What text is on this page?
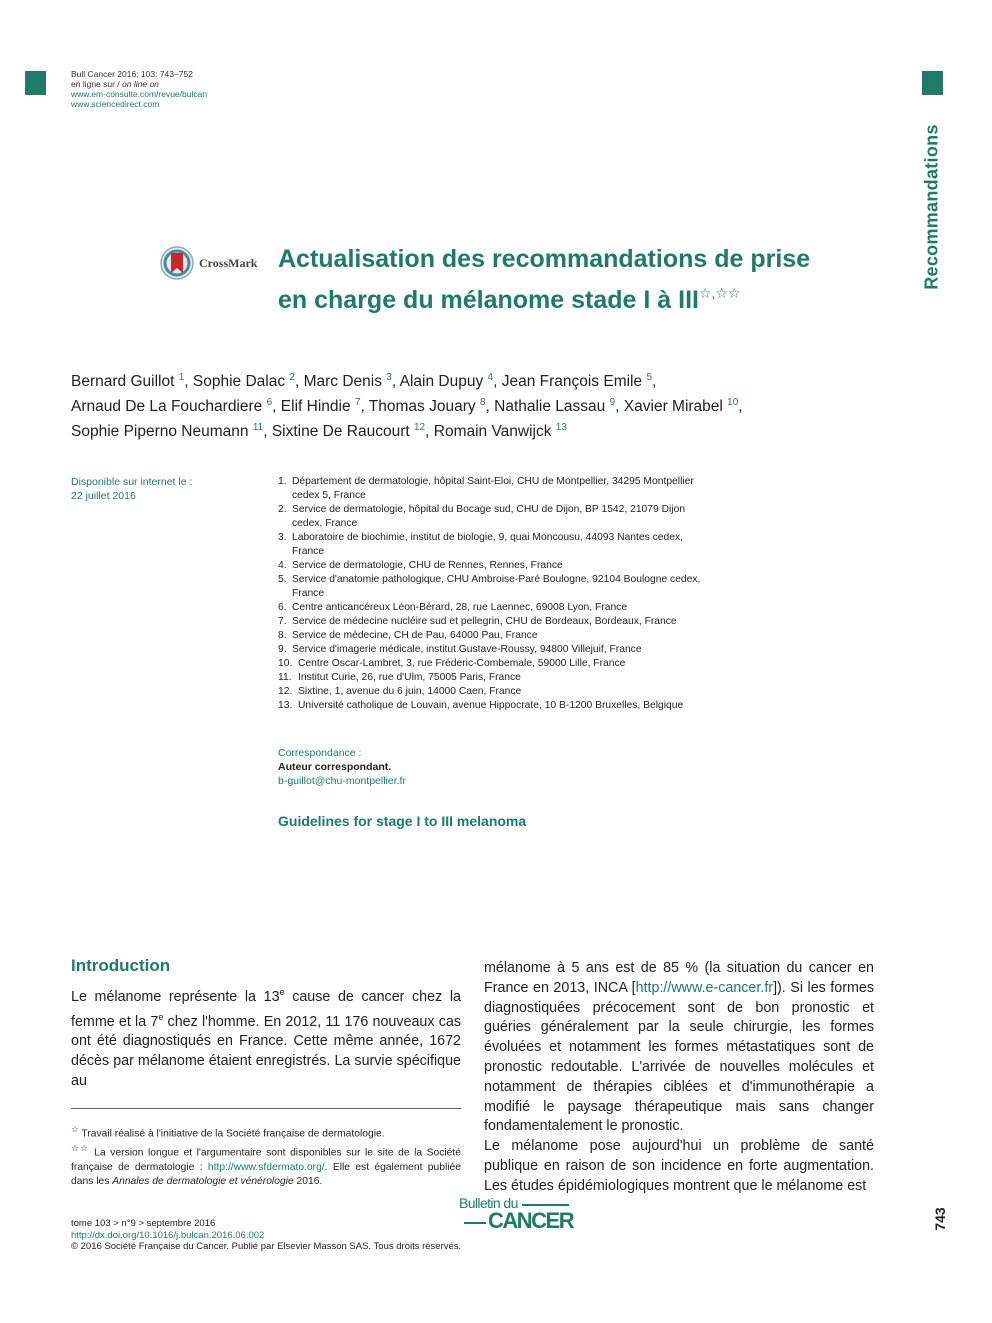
Bull Cancer 2016; 103: 743–752
en ligne sur / on line on
www.em-consulte.com/revue/bulcan
www.sciencedirect.com
Recommandations
CrossMark Actualisation des recommandations de prise
en charge du mélanome stade I à III☆,☆☆
Bernard Guillot $^1$, Sophie Dalac $^2$, Marc Denis $^3$, Alain Dupuy $^4$, Jean François Emile $^5$,
Arnaud De La Fouchardiere $^6$, Elif Hindie $^7$, Thomas Jouary $^8$, Nathalie Lassau $^9$, Xavier Mirabel $^{10}$,
Sophie Piperno Neumann $^{11}$, Sixtine De Raucourt $^{12}$, Romain Vanwijck $^{13}$
Disponible sur internet le :
22 juillet 2016
1. Département de dermatologie, hôpital Saint-Eloi, CHU de Montpellier, 34295 Montpellier cedex 5, France
2. Service de dermatologie, hôpital du Bocage sud, CHU de Dijon, BP 1542, 21079 Dijon cedex, France
3. Laboratoire de biochimie, institut de biologie, 9, quai Moncousu, 44093 Nantes cedex, France
4. Service de dermatologie, CHU de Rennes, Rennes, France
5. Service d'anatomie pathologique, CHU Ambroise-Paré Boulogne, 92104 Boulogne cedex, France
6. Centre anticancéreux Léon-Bérard, 28, rue Laennec, 69008 Lyon, France
7. Service de médecine nucléire sud et pellegrin, CHU de Bordeaux, Bordeaux, France
8. Service de médecine, CH de Pau, 64000 Pau, France
9. Service d'imagerie médicale, institut Gustave-Roussy, 94800 Villejuif, France
10. Centre Oscar-Lambret, 3, rue Fréderic-Combemale, 59000 Lille, France
11. Institut Curie, 26, rue d'Ulm, 75005 Paris, France
12. Sixtine, 1, avenue du 6 juin, 14000 Caen, France
13. Université catholique de Louvain, avenue Hippocrate, 10 B-1200 Bruxelles, Belgique
Correspondance :
Auteur correspondant.
b-guillot@chu-montpellier.fr
Guidelines for stage I to III melanoma
Introduction

Le mélanome représente la 13e cause de cancer chez la femme et la 7e chez l'homme. En 2012, 11 176 nouveaux cas ont été diagnostiqués en France. Cette même année, 1672 décès par mélanome étaient enregistrés. La survie spécifique au

mélanome à 5 ans est de 85 % (la situation du cancer en France en 2013, INCA [http://www.e-cancer.fr]). Si les formes diagnostiquées précocement sont de bon pronostic et guéries généralement par la seule chirurgie, les formes évoluées et notamment les formes métastatiques sont de pronostic redoutable. L'arrivée de nouvelles molécules et notamment de thérapies ciblées et d'immunothérapie a modifié le paysage thérapeutique mais sans changer fondamentalement le pronostic.

Le mélanome pose aujourd'hui un problème de santé publique en raison de son incidence en forte augmentation. Les études épidémiologiques montrent que le mélanome est

☆ Travail réalisé à l'initiative de la Société française de dermatologie.

☆☆ La version longue et l'argumentaire sont disponibles sur le site de la Société française de dermatologie : http://www.sfdermato.org/. Elle est également publiée dans les Annales de dermatologie et vénérologie 2016.

tome 103 > n°9 > septembre 2016
http://dx.doi.org/10.1016/j.bulcan.2016.06.002
© 2016 Société Française du Cancer. Publié par Elsevier Masson SAS. Tous droits réservés.
Bulletin du
CANCER	743
